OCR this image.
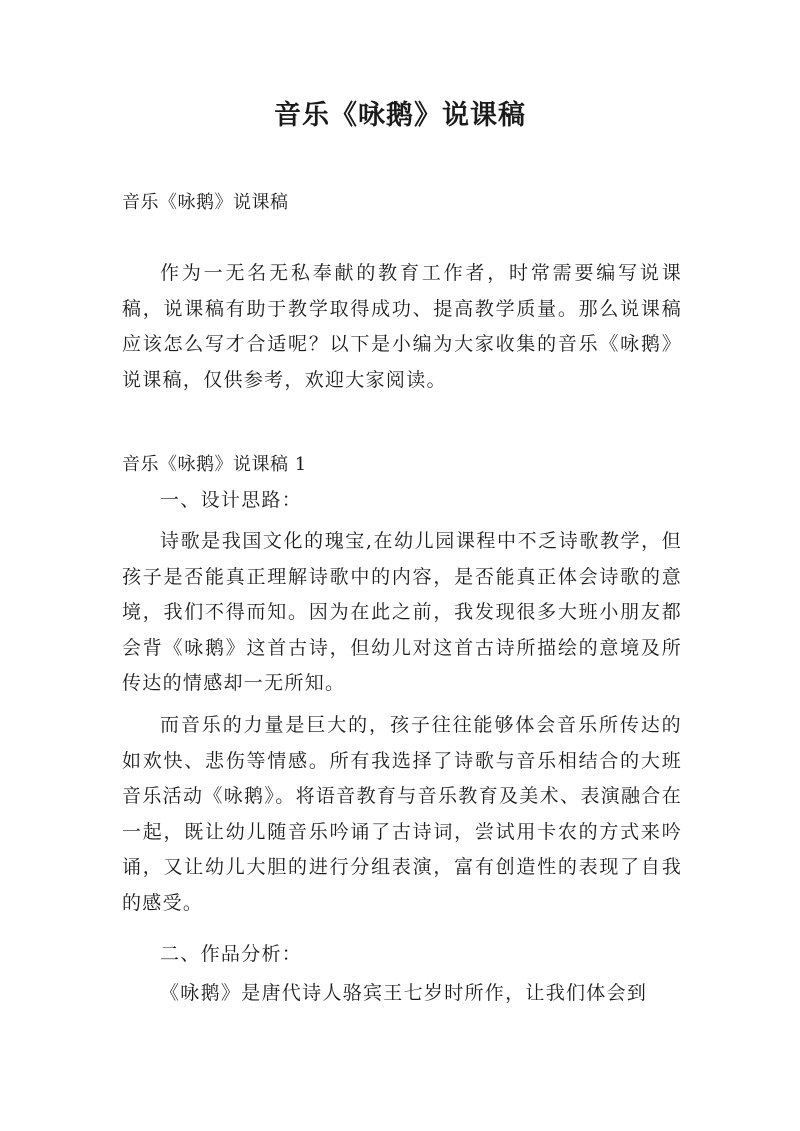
音乐《咏鹅》说课稿

音乐《咏鹅》说课稿

作为一无名无私奉献的教育工作者，时常需要编写说课稿，说课稿有助于教学取得成功、提高教学质量。那么说课稿应该怎么写才合适呢？以下是小编为大家收集的音乐《咏鹅》说课稿，仅供参考，欢迎大家阅读。

音乐《咏鹅》说课稿 1

一、设计思路：

诗歌是我国文化的瑰宝,在幼儿园课程中不乏诗歌教学，但孩子是否能真正理解诗歌中的内容，是否能真正体会诗歌的意境，我们不得而知。因为在此之前，我发现很多大班小朋友都会背《咏鹅》这首古诗，但幼儿对这首古诗所描绘的意境及所传达的情感却一无所知。

而音乐的力量是巨大的，孩子往往能够体会音乐所传达的如欢快、悲伤等情感。所有我选择了诗歌与音乐相结合的大班音乐活动《咏鹅》。将语音教育与音乐教育及美术、表演融合在一起，既让幼儿随音乐吟诵了古诗词，尝试用卡农的方式来吟诵，又让幼儿大胆的进行分组表演，富有创造性的表现了自我的感受。

二、作品分析：

《咏鹅》是唐代诗人骆宾王七岁时所作，让我们体会到
